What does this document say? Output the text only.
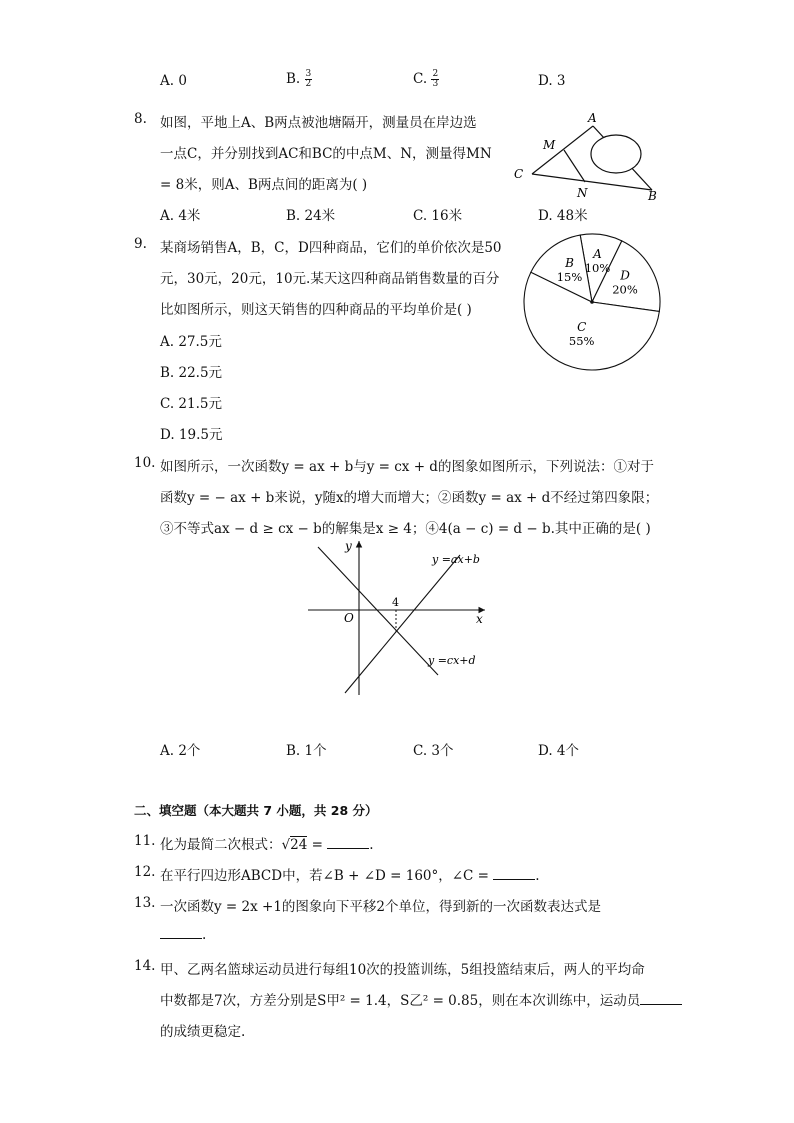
A. 0	B. $\frac{3}{2}$	C. $\frac{2}{3}$	D. 3
8. 如图，平地上A、B两点被池塘隔开，测量员在岸边选
一点C，并分别找到AC和BC的中点M、N，测量得MN
= 8米，则A、B两点间的距离为( )
A. 4米	B. 24米	C. 16米	D. 48米
A
M
C
N	B
9. 某商场销售A，B，C，D四种商品，它们的单价依次是50
元，30元，20元，10元.某天这四种商品销售数量的百分
比如图所示，则这天销售的四种商品的平均单价是( )
A. 27.5元
B. 22.5元
C. 21.5元
D. 19.5元
A
10%
D
20%
C
55%
B
15%
10. 如图所示，一次函数y = ax + b与y = cx + d的图象如图所示，下列说法：①对于
函数y = − ax + b来说，y随x的增大而增大；②函数y = ax + d不经过第四象限；
③不等式ax − d ≥ cx − b的解集是x ≥ 4；④4(a − c) = d − b.其中正确的是( )
y
x
O
4
y =ax+b
y =cx+d
A. 2个	B. 1个	C. 3个	D. 4个
二、填空题（本大题共 7 小题，共 28 分）
11. 化为最简二次根式：√24 =	.
12. 在平行四边形ABCD中，若∠B + ∠D = 160°，∠C =	.
13. 一次函数y = 2x +1的图象向下平移2个单位，得到新的一次函数表达式是
.
14. 甲、乙两名篮球运动员进行每组10次的投篮训练，5组投篮结束后，两人的平均命
中数都是7次，方差分别是S甲² = 1.4，S乙² = 0.85，则在本次训练中，运动员
的成绩更稳定.
